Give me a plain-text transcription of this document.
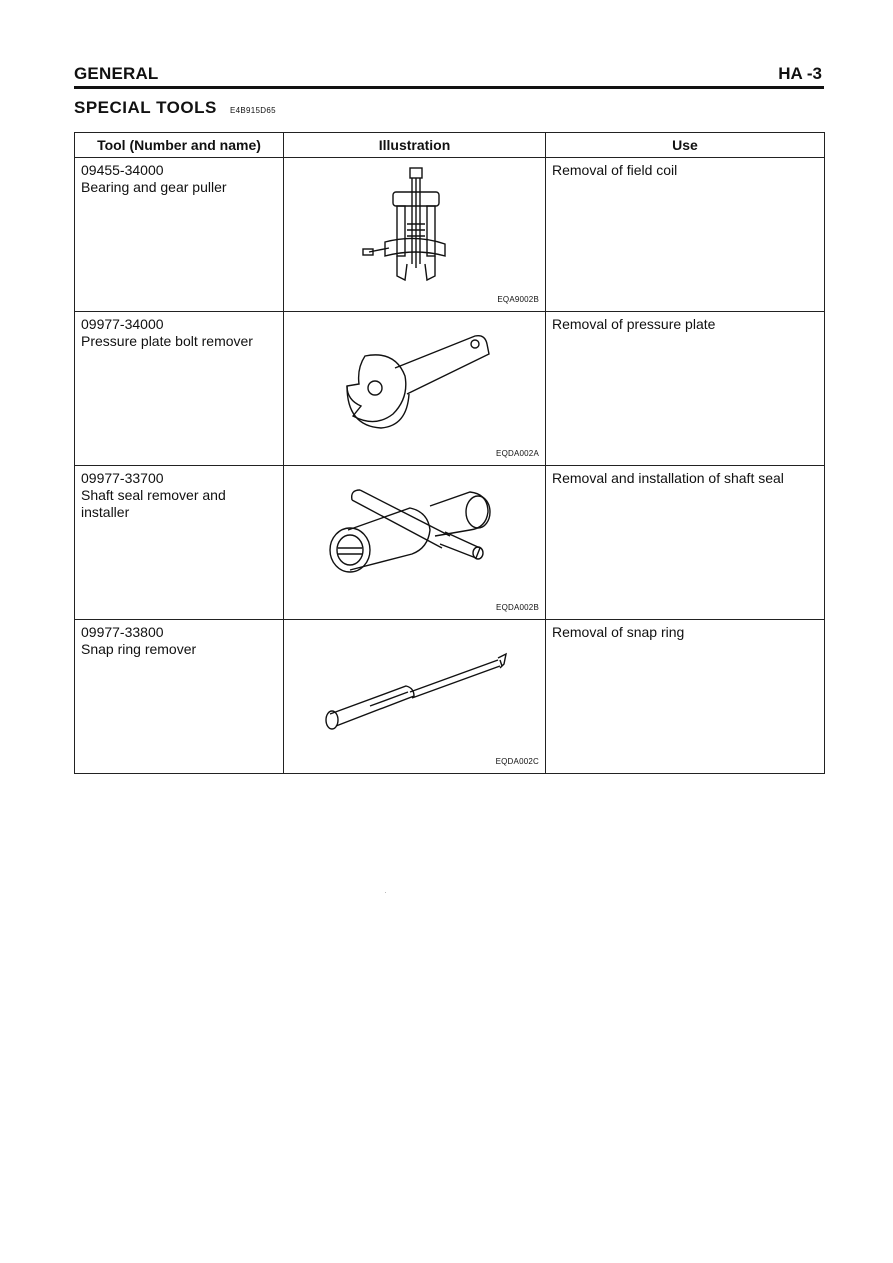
GENERAL	HA -3
SPECIAL TOOLS E4B915D65
Tool (Number and name)	Illustration	Use

09455-34000
Bearing and gear puller	EQA9002B	Removal of field coil

09977-34000
Pressure plate bolt remover	EQDA002A	Removal of pressure plate

09977-33700
Shaft seal remover and installer	EQDA002B	Removal and installation of shaft seal

09977-33800
Snap ring remover	EQDA002C	Removal of snap ring
